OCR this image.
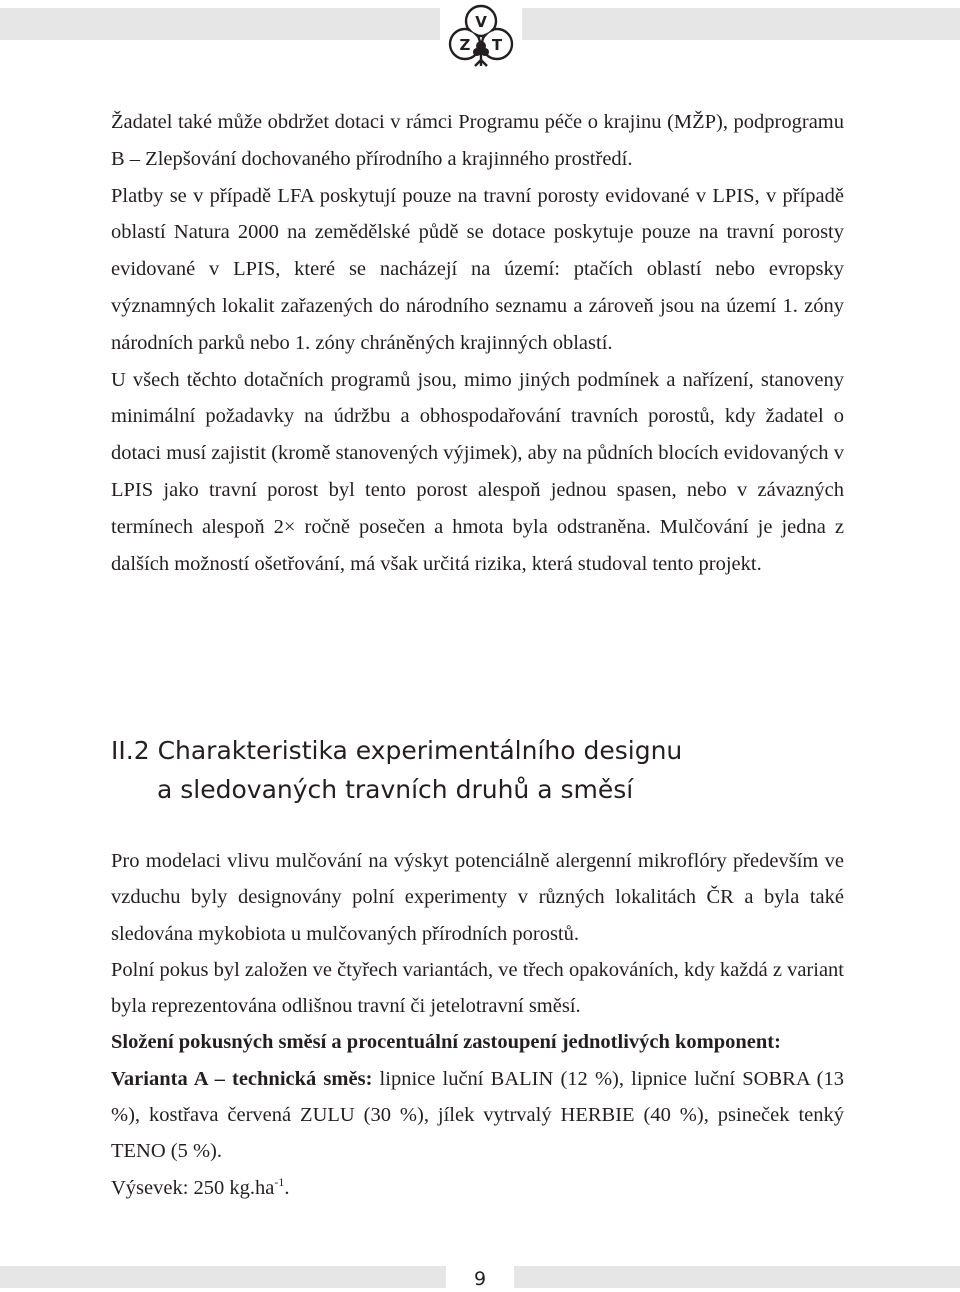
V
Z T

Žadatel také může obdržet dotaci v rámci Programu péče o krajinu (MŽP), podprogramu B – Zlepšování dochovaného přírodního a krajinného prostředí.

Platby se v případě LFA poskytují pouze na travní porosty evidované v LPIS, v případě oblastí Natura 2000 na zemědělské půdě se dotace poskytuje pouze na travní porosty evidované v LPIS, které se nacházejí na území: ptačích oblastí nebo evropsky významných lokalit zařazených do národního seznamu a zároveň jsou na území 1. zóny národních parků nebo 1. zóny chráněných krajinných oblastí.

U všech těchto dotačních programů jsou, mimo jiných podmínek a nařízení, stanoveny minimální požadavky na údržbu a obhospodařování travních porostů, kdy žadatel o dotaci musí zajistit (kromě stanovených výjimek), aby na půdních blocích evidovaných v LPIS jako travní porost byl tento porost alespoň jednou spasen, nebo v závazných termínech alespoň 2× ročně posečen a hmota byla odstraněna. Mulčování je jedna z dalších možností ošetřování, má však určitá rizika, která studoval tento projekt.

II.2 Charakteristika experimentálního designu
a sledovaných travních druhů a směsí

Pro modelaci vlivu mulčování na výskyt potenciálně alergenní mikroflóry především ve vzduchu byly designovány polní experimenty v různých lokalitách ČR a byla také sledována mykobiota u mulčovaných přírodních porostů.

Polní pokus byl založen ve čtyřech variantách, ve třech opakováních, kdy každá z variant byla reprezentována odlišnou travní či jetelotravní směsí.

Složení pokusných směsí a procentuální zastoupení jednotlivých komponent:

Varianta A – technická směs: lipnice luční BALIN (12 %), lipnice luční SOBRA (13 %), kostřava červená ZULU (30 %), jílek vytrvalý HERBIE (40 %), psineček tenký TENO (5 %).

Výsevek: 250 $kg.ha^{-1}$.

9
